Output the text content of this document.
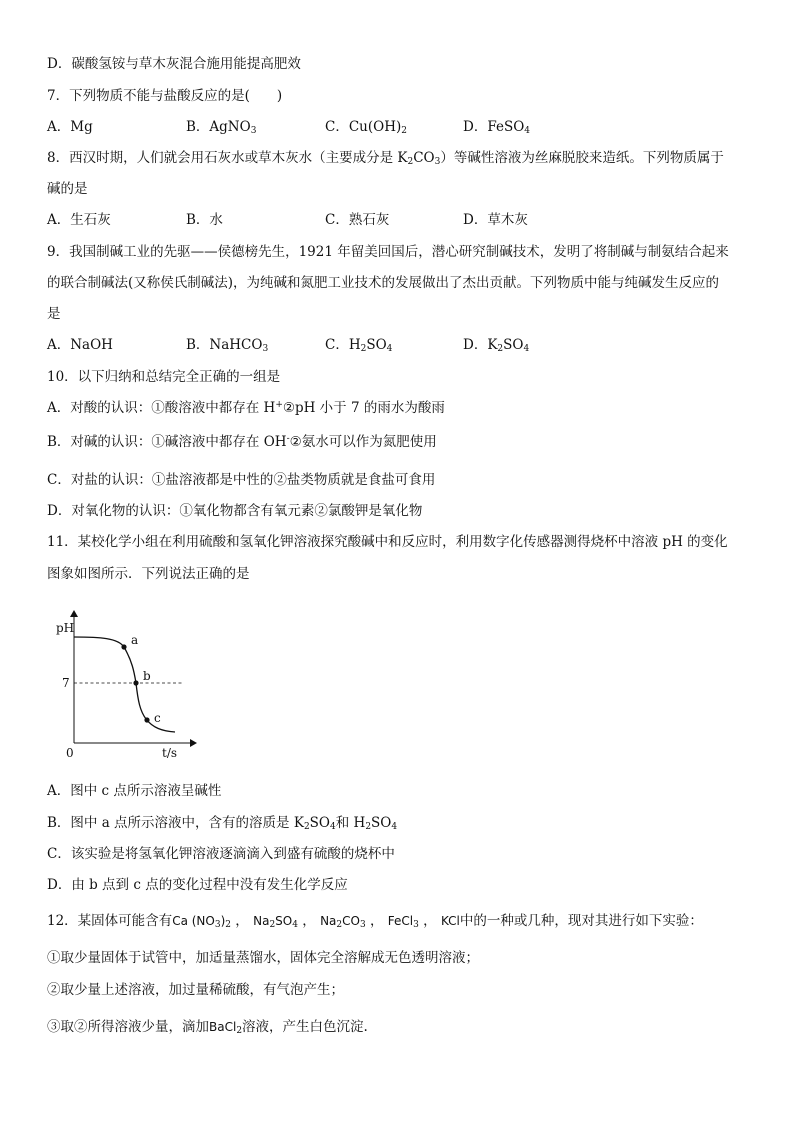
D．碳酸氢铵与草木灰混合施用能提高肥效
7．下列物质不能与盐酸反应的是(　　)
A．Mg	B．AgNO$_3$	C．$Cu(OH)_2$	D．FeSO$_4$
8．西汉时期，人们就会用石灰水或草木灰水（主要成分是 $K_2CO_3$）等碱性溶液为丝麻脱胶来造纸。下列物质属于
碱的是
A．生石灰	B．水	C．熟石灰	D．草木灰
9．我国制碱工业的先驱——侯德榜先生，1921 年留美回国后，潜心研究制碱技术，发明了将制碱与制氨结合起来
的联合制碱法(又称侯氏制碱法)，为纯碱和氮肥工业技术的发展做出了杰出贡献。下列物质中能与纯碱发生反应的
是
A．NaOH	B．NaHCO$_3$	C．$H_2SO_4$	D．$K_2SO_4$
10．以下归纳和总结完全正确的一组是
A．对酸的认识：①酸溶液中都存在 H+②pH 小于 7 的雨水为酸雨
B．对碱的认识：①碱溶液中都存在 OH-②氨水可以作为氮肥使用
C．对盐的认识：①盐溶液都是中性的②盐类物质就是食盐可食用
D．对氧化物的认识：①氧化物都含有氧元素②氯酸钾是氧化物
11．某校化学小组在利用硫酸和氢氧化钾溶液探究酸碱中和反应时，利用数字化传感器测得烧杯中溶液 pH 的变化
图象如图所示．下列说法正确的是
pH
7
0	t/s
a
b
c
A．图中 c 点所示溶液呈碱性
B．图中 a 点所示溶液中，含有的溶质是 $K_2SO_4$和 $H_2SO_4$
C．该实验是将氢氧化钾溶液逐滴滴入到盛有硫酸的烧杯中
D．由 b 点到 c 点的变化过程中没有发生化学反应
12．某固体可能含有Ca $(NO_3)_2$ ， $Na_2SO_4$ ， $Na_2CO_3$ ， FeCl$_3$ ， KCl中的一种或几种，现对其进行如下实验：
①取少量固体于试管中，加适量蒸馏水，固体完全溶解成无色透明溶液；
②取少量上述溶液，加过量稀硫酸，有气泡产生；
③取②所得溶液少量，滴加BaCl$_2$溶液，产生白色沉淀.
